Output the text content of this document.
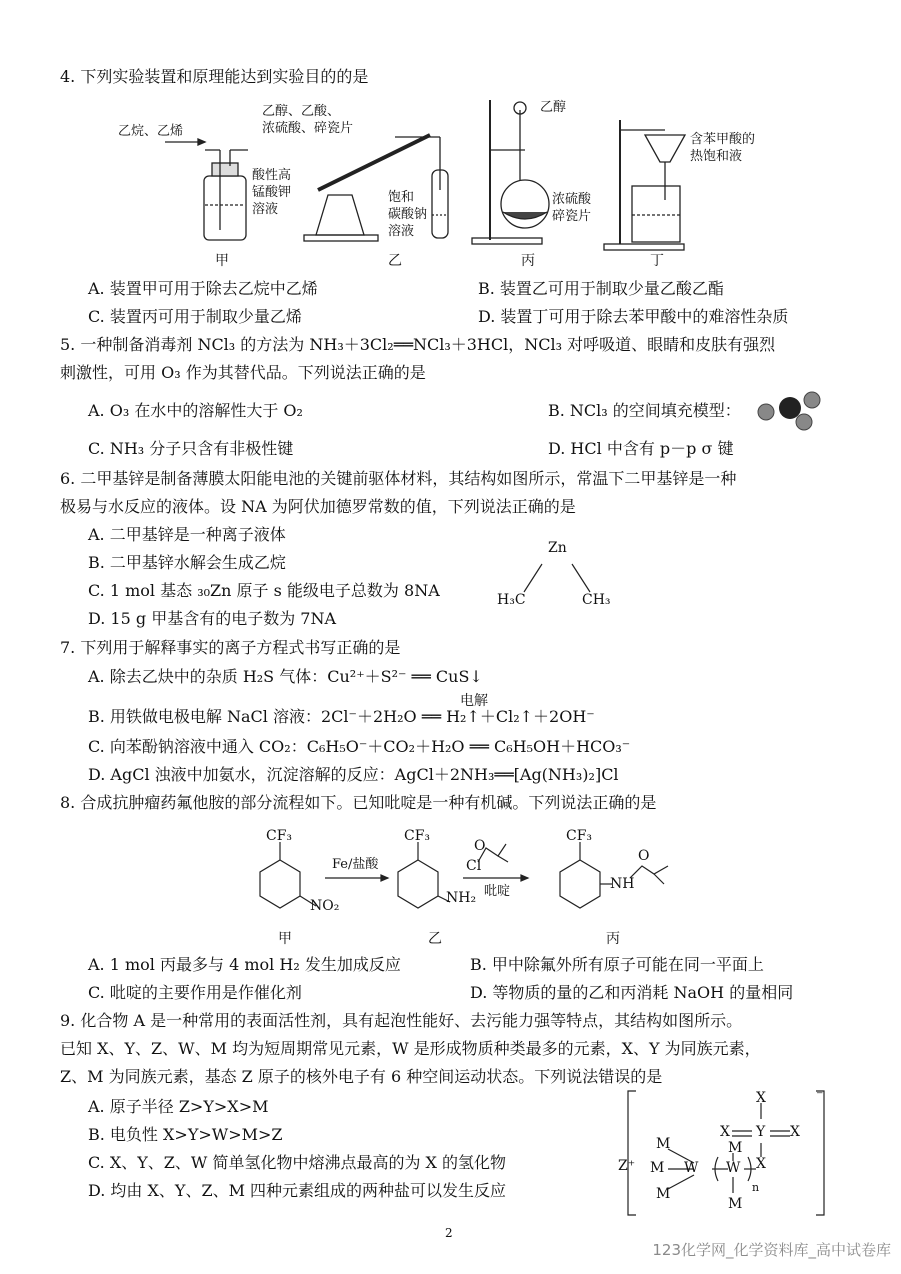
4. 下列实验装置和原理能达到实验目的的是
乙烷、乙烯
酸性高
锰酸钾
溶液
乙醇、乙酸、
浓硫酸、碎瓷片
饱和
碳酸钠
溶液
乙醇
浓硫酸
碎瓷片
含苯甲酸的
热饱和液
甲	乙	丙	丁
A. 装置甲可用于除去乙烷中乙烯	B. 装置乙可用于制取少量乙酸乙酯
C. 装置丙可用于制取少量乙烯	D. 装置丁可用于除去苯甲酸中的难溶性杂质
5. 一种制备消毒剂 NCl₃ 的方法为 NH₃＋3Cl₂══NCl₃＋3HCl，NCl₃ 对呼吸道、眼睛和皮肤有强烈
刺激性，可用 O₃ 作为其替代品。下列说法正确的是
A. O₃ 在水中的溶解性大于 O₂	B. NCl₃ 的空间填充模型：
C. NH₃ 分子只含有非极性键	D. HCl 中含有 p－p σ 键
6. 二甲基锌是制备薄膜太阳能电池的关键前驱体材料，其结构如图所示，常温下二甲基锌是一种
极易与水反应的液体。设 NA 为阿伏加德罗常数的值，下列说法正确的是
A. 二甲基锌是一种离子液体
B. 二甲基锌水解会生成乙烷
C. 1 mol 基态 ₃₀Zn 原子 s 能级电子总数为 8NA
D. 15 g 甲基含有的电子数为 7NA
Zn
H₃C	CH₃
7. 下列用于解释事实的离子方程式书写正确的是
A. 除去乙炔中的杂质 H₂S 气体：Cu²⁺＋S²⁻ ══ CuS↓
电解
B. 用铁做电极电解 NaCl 溶液：2Cl⁻＋2H₂O ══ H₂↑＋Cl₂↑＋2OH⁻
C. 向苯酚钠溶液中通入 CO₂：C₆H₅O⁻＋CO₂＋H₂O ══ C₆H₅OH＋HCO₃⁻
D. AgCl 浊液中加氨水，沉淀溶解的反应：AgCl＋2NH₃══[Ag(NH₃)₂]Cl
8. 合成抗肿瘤药氟他胺的部分流程如下。已知吡啶是一种有机碱。下列说法正确的是
CF₃
NO₂
CF₃
NH₂
CF₃
NH
O
Fe/盐酸
O
Cl
吡啶
甲	乙	丙
A. 1 mol 丙最多与 4 mol H₂ 发生加成反应	B. 甲中除氟外所有原子可能在同一平面上
C. 吡啶的主要作用是作催化剂	D. 等物质的量的乙和丙消耗 NaOH 的量相同
9. 化合物 A 是一种常用的表面活性剂，具有起泡性能好、去污能力强等特点，其结构如图所示。
已知 X、Y、Z、W、M 均为短周期常见元素，W 是形成物质种类最多的元素，X、Y 为同族元素，
Z、M 为同族元素，基态 Z 原子的核外电子有 6 种空间运动状态。下列说法错误的是
A. 原子半径 Z>Y>X>M
B. 电负性 X>Y>W>M>Z
C. X、Y、Z、W 简单氢化物中熔沸点最高的为 X 的氢化物
D. 均由 X、Y、Z、M 四种元素组成的两种盐可以发生反应
Z⁺
⁻
X
X Y X
X
M
M
M
W W
M
M
n
2
123化学网_化学资料库_高中试卷库
